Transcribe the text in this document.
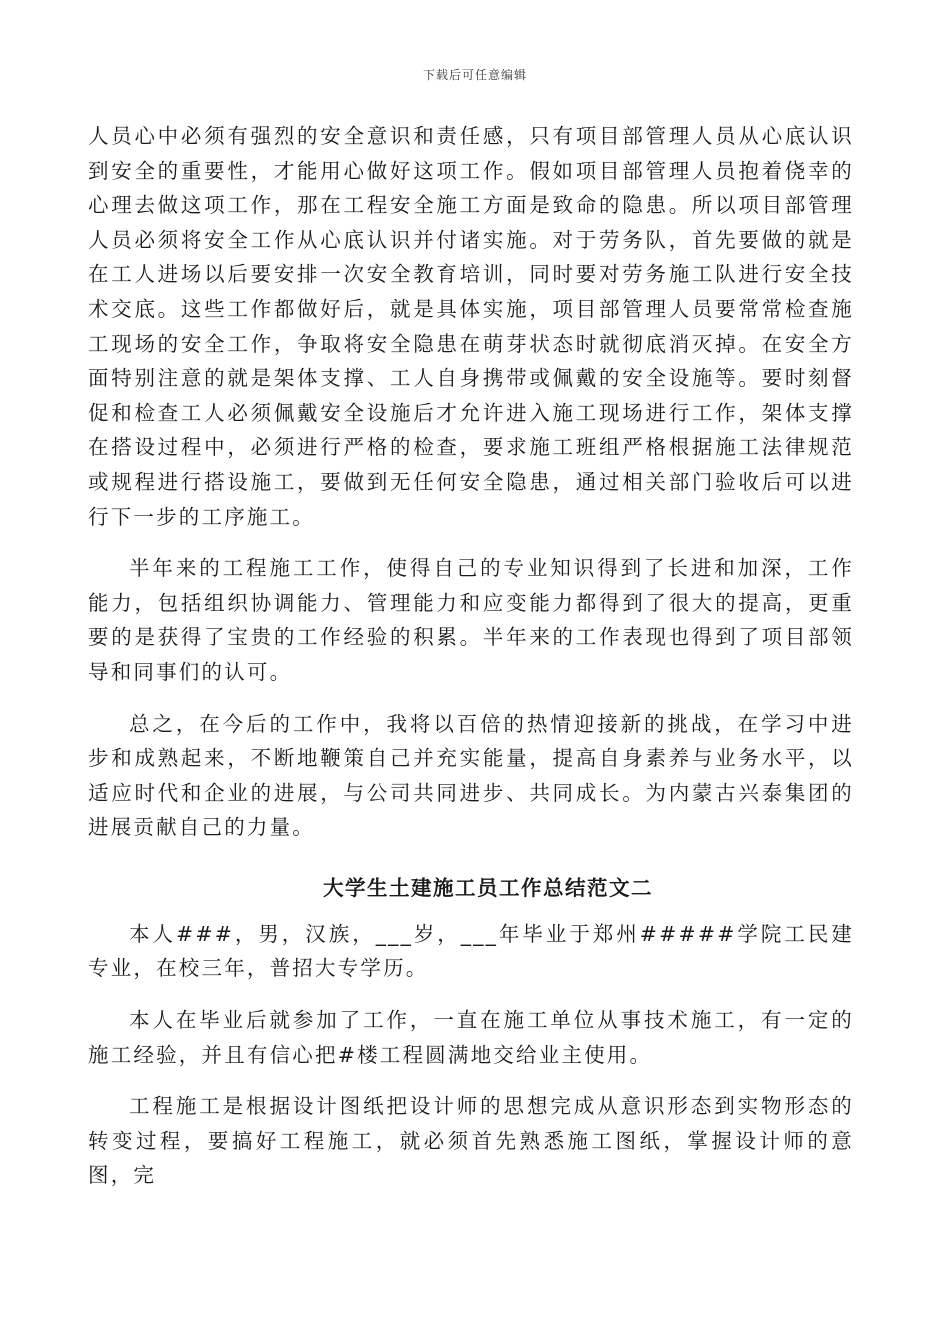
下载后可任意编辑

人员心中必须有强烈的安全意识和责任感，只有项目部管理人员从心底认识到安全的重要性，才能用心做好这项工作。假如项目部管理人员抱着侥幸的心理去做这项工作，那在工程安全施工方面是致命的隐患。所以项目部管理人员必须将安全工作从心底认识并付诸实施。对于劳务队，首先要做的就是在工人进场以后要安排一次安全教育培训，同时要对劳务施工队进行安全技术交底。这些工作都做好后，就是具体实施，项目部管理人员要常常检查施工现场的安全工作，争取将安全隐患在萌芽状态时就彻底消灭掉。在安全方面特别注意的就是架体支撑、工人自身携带或佩戴的安全设施等。要时刻督促和检查工人必须佩戴安全设施后才允许进入施工现场进行工作，架体支撑在搭设过程中，必须进行严格的检查，要求施工班组严格根据施工法律规范或规程进行搭设施工，要做到无任何安全隐患，通过相关部门验收后可以进行下一步的工序施工。

半年来的工程施工工作，使得自己的专业知识得到了长进和加深，工作能力，包括组织协调能力、管理能力和应变能力都得到了很大的提高，更重要的是获得了宝贵的工作经验的积累。半年来的工作表现也得到了项目部领导和同事们的认可。

总之，在今后的工作中，我将以百倍的热情迎接新的挑战，在学习中进步和成熟起来，不断地鞭策自己并充实能量，提高自身素养与业务水平，以适应时代和企业的进展，与公司共同进步、共同成长。为内蒙古兴泰集团的进展贡献自己的力量。

大学生土建施工员工作总结范文二

本人###，男，汉族，___岁，___年毕业于郑州#####学院工民建专业，在校三年，普招大专学历。

本人在毕业后就参加了工作，一直在施工单位从事技术施工，有一定的施工经验，并且有信心把#楼工程圆满地交给业主使用。

工程施工是根据设计图纸把设计师的思想完成从意识形态到实物形态的转变过程，要搞好工程施工，就必须首先熟悉施工图纸，掌握设计师的意图，完
